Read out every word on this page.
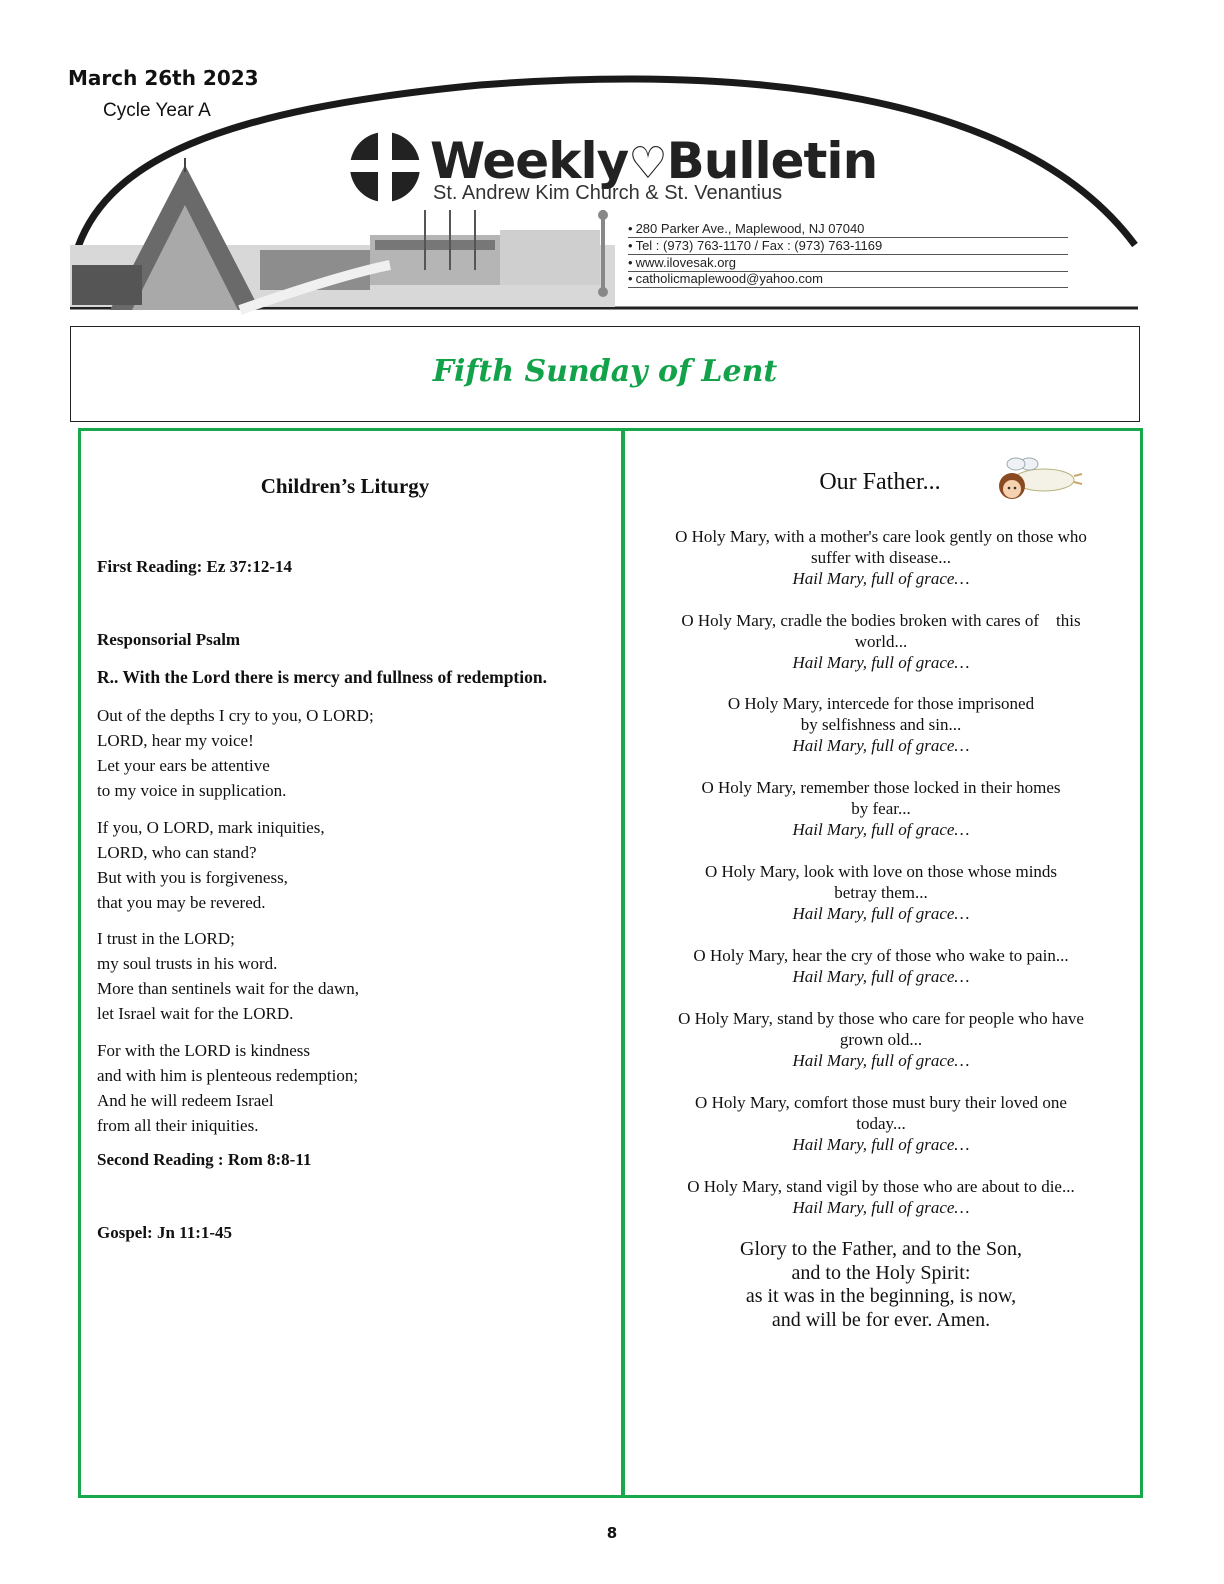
March 26th 2023
Cycle Year A
Weekly♡Bulletin
St. Andrew Kim Church & St. Venantius
• 280 Parker Ave., Maplewood, NJ 07040
• Tel : (973) 763-1170 / Fax : (973) 763-1169
• www.ilovesak.org
• catholicmaplewood@yahoo.com
Fifth Sunday of Lent
Children’s Liturgy
First Reading: Ez 37:12-14
Responsorial Psalm
R.. With the Lord there is mercy and fullness of redemption.
Out of the depths I cry to you, O LORD;
LORD, hear my voice!
Let your ears be attentive
to my voice in supplication.
If you, O LORD, mark iniquities,
LORD, who can stand?
But with you is forgiveness,
that you may be revered.
I trust in the LORD;
my soul trusts in his word.
More than sentinels wait for the dawn,
let Israel wait for the LORD.
For with the LORD is kindness
and with him is plenteous redemption;
And he will redeem Israel
from all their iniquities.
Second Reading : Rom 8:8-11
Gospel: Jn 11:1-45
Our Father...
O Holy Mary, with a mother's care look gently on those who
suffer with disease...
Hail Mary, full of grace…
O Holy Mary, cradle the bodies broken with cares of    this
world...
Hail Mary, full of grace…
O Holy Mary, intercede for those imprisoned
by selfishness and sin...
Hail Mary, full of grace…
O Holy Mary, remember those locked in their homes
by fear...
Hail Mary, full of grace…
O Holy Mary, look with love on those whose minds
betray them...
Hail Mary, full of grace…
O Holy Mary, hear the cry of those who wake to pain...
Hail Mary, full of grace…
O Holy Mary, stand by those who care for people who have
grown old...
Hail Mary, full of grace…
O Holy Mary, comfort those must bury their loved one
today...
Hail Mary, full of grace…
O Holy Mary, stand vigil by those who are about to die...
Hail Mary, full of grace…
Glory to the Father, and to the Son,
and to the Holy Spirit:
as it was in the beginning, is now,
and will be for ever. Amen.
8
